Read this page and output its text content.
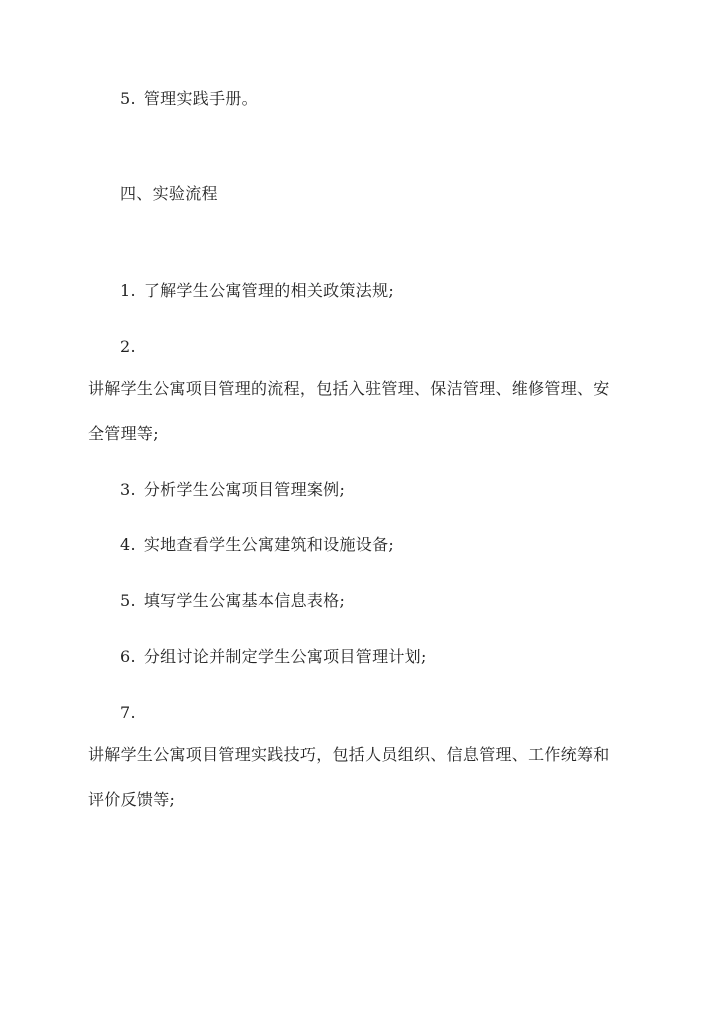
5. 管理实践手册。
四、实验流程
1. 了解学生公寓管理的相关政策法规;
2.
讲解学生公寓项目管理的流程，包括入驻管理、保洁管理、维修管理、安
全管理等;
3. 分析学生公寓项目管理案例;
4. 实地查看学生公寓建筑和设施设备;
5. 填写学生公寓基本信息表格;
6. 分组讨论并制定学生公寓项目管理计划;
7.
讲解学生公寓项目管理实践技巧，包括人员组织、信息管理、工作统筹和
评价反馈等;
